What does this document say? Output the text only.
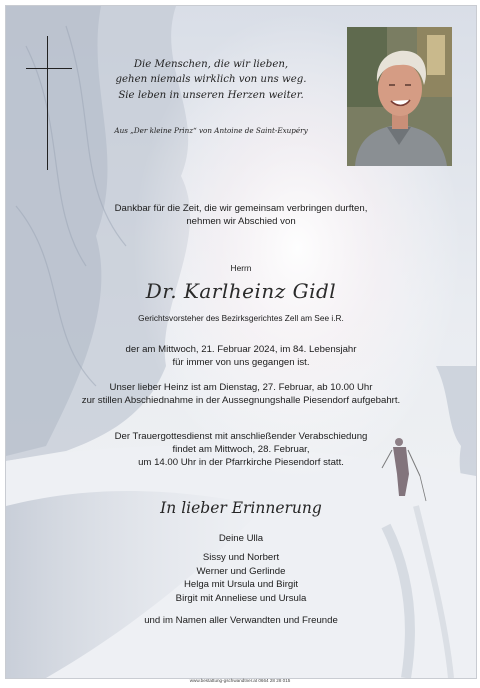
Die Menschen, die wir lieben,
gehen niemals wirklich von uns weg.
Sie leben in unseren Herzen weiter.
Aus „Der kleine Prinz“ von Antoine de Saint-Exupéry
Dankbar für die Zeit, die wir gemeinsam verbringen durften,
nehmen wir Abschied von
Herrn
Dr. Karlheinz Gidl
Gerichtsvorsteher des Bezirksgerichtes Zell am See i.R.
der am Mittwoch, 21. Februar 2024, im 84. Lebensjahr
für immer von uns gegangen ist.
Unser lieber Heinz ist am Dienstag, 27. Februar, ab 10.00 Uhr
zur stillen Abschiednahme in der Aussegnungshalle Piesendorf aufgebahrt.
Der Trauergottesdienst mit anschließender Verabschiedung
findet am Mittwoch, 28. Februar,
um 14.00 Uhr in der Pfarrkirche Piesendorf statt.
In lieber Erinnerung
Deine Ulla
Sissy und Norbert
Werner und Gerlinde
Helga mit Ursula und Birgit
Birgit mit Anneliese und Ursula
und im Namen aller Verwandten und Freunde
www.bestattung-gschwandtner.at 0664 28 28 015
